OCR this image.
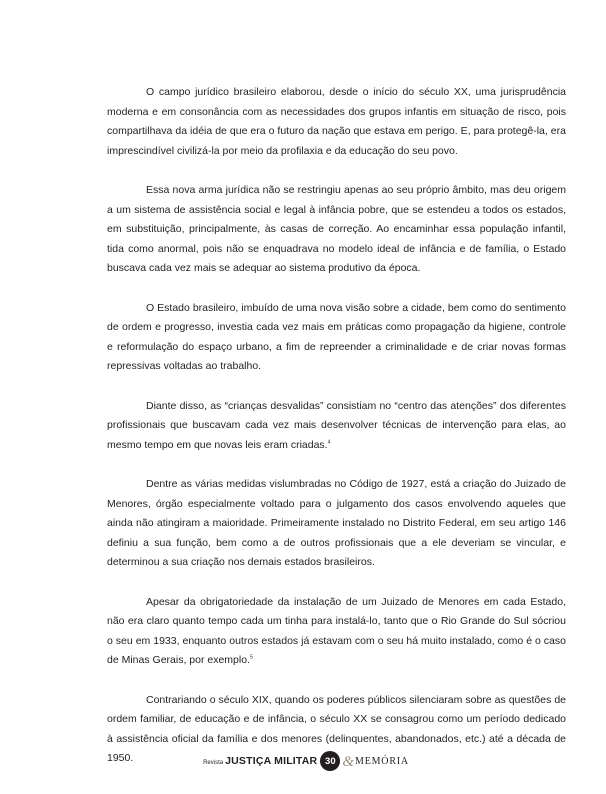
O campo jurídico brasileiro elaborou, desde o início do século XX, uma jurisprudência moderna e em consonância com as necessidades dos grupos infantis em situação de risco, pois compartilhava da idéia de que era o futuro da nação que estava em perigo. E, para protegê-la, era imprescindível civilizá-la por meio da profilaxia e da educação do seu povo.

Essa nova arma jurídica não se restringiu apenas ao seu próprio âmbito, mas deu origem a um sistema de assistência social e legal à infância pobre, que se estendeu a todos os estados, em substituição, principalmente, às casas de correção. Ao encaminhar essa população infantil, tida como anormal, pois não se enquadrava no modelo ideal de infância e de família, o Estado buscava cada vez mais se adequar ao sistema produtivo da época.

O Estado brasileiro, imbuído de uma nova visão sobre a cidade, bem como do sentimento de ordem e progresso, investia cada vez mais em práticas como propagação da higiene, controle e reformulação do espaço urbano, a fim de repreender a criminalidade e de criar novas formas repressivas voltadas ao trabalho.

Diante disso, as “crianças desvalidas” consistiam no “centro das atenções” dos diferentes profissionais que buscavam cada vez mais desenvolver técnicas de intervenção para elas, ao mesmo tempo em que novas leis eram criadas.$^4$

Dentre as várias medidas vislumbradas no Código de 1927, está a criação do Juizado de Menores, órgão especialmente voltado para o julgamento dos casos envolvendo aqueles que ainda não atingiram a maioridade. Primeiramente instalado no Distrito Federal, em seu artigo 146 definiu a sua função, bem como a de outros profissionais que a ele deveriam se vincular, e determinou a sua criação nos demais estados brasileiros.

Apesar da obrigatoriedade da instalação de um Juizado de Menores em cada Estado, não era claro quanto tempo cada um tinha para instalá-lo, tanto que o Rio Grande do Sul sócriou o seu em 1933, enquanto outros estados já estavam com o seu há muito instalado, como é o caso de Minas Gerais, por exemplo.$^5$

Contrariando o século XIX, quando os poderes públicos silenciaram sobre as questões de ordem familiar, de educação e de infância, o século XX se consagrou como um período dedicado à assistência oficial da família e dos menores (delinquentes, abandonados, etc.) até a década de 1950.	Revista JUSTIÇA MILITAR 30 & MEMÓRIA
